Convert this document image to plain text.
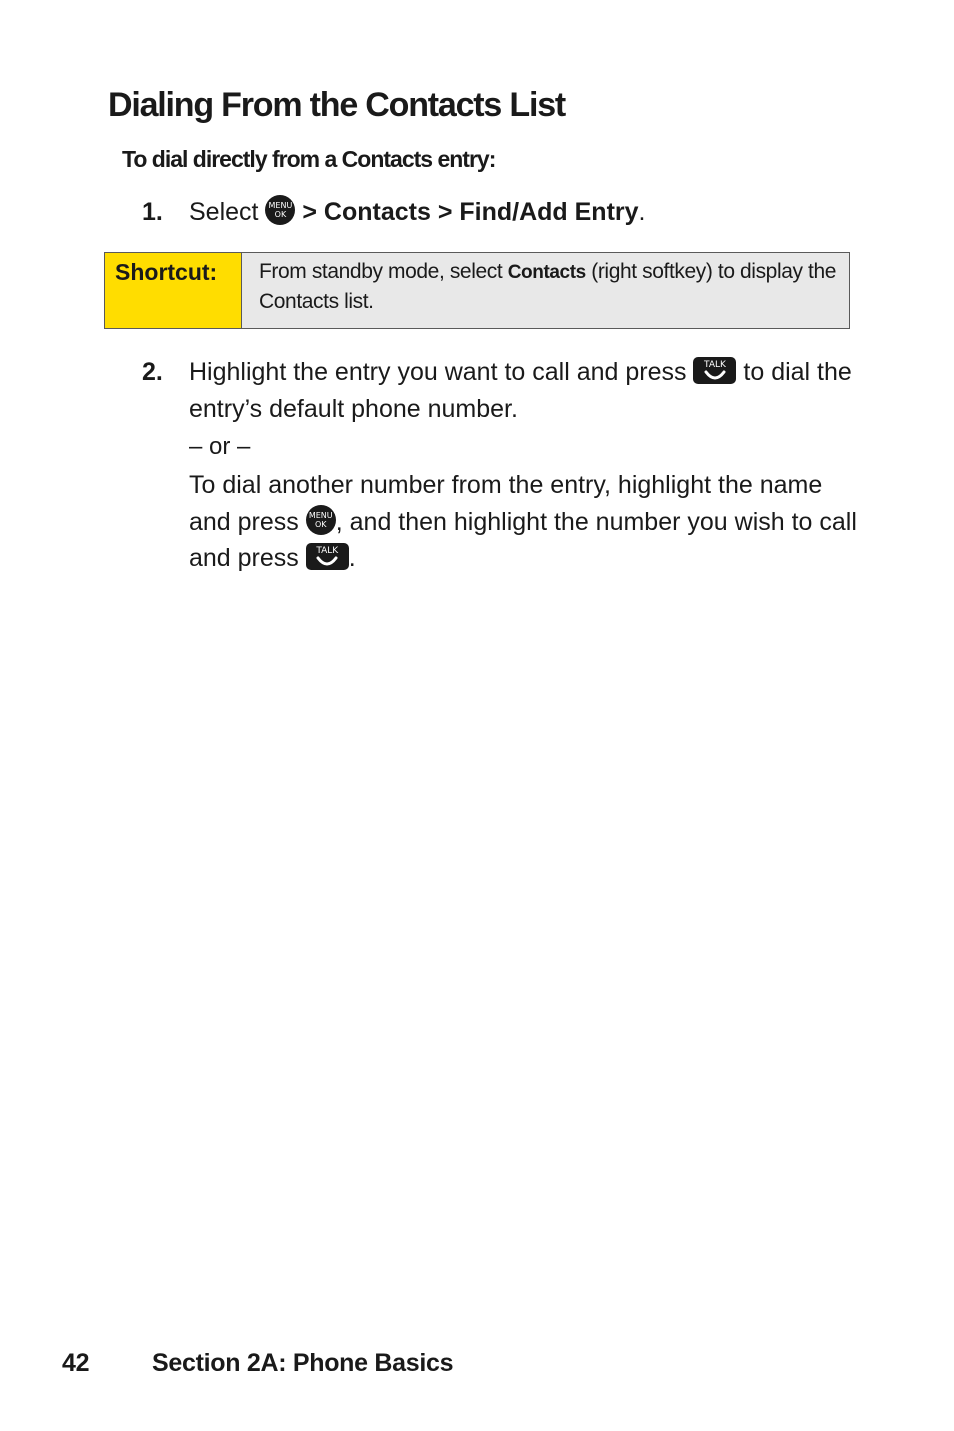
Dialing From the Contacts List

To dial directly from a Contacts entry:

1. Select MENU
OK > Contacts > Find/Add Entry.
Shortcut:	From standby mode, select Contacts (right softkey) to display the Contacts list.
2. Highlight the entry you want to call and press TALK
to dial the entry’s default phone number.
– or –
To dial another number from the entry, highlight the name and press MENU
OK , and then highlight the number you wish to call and press TALK .
42	Section 2A: Phone Basics
